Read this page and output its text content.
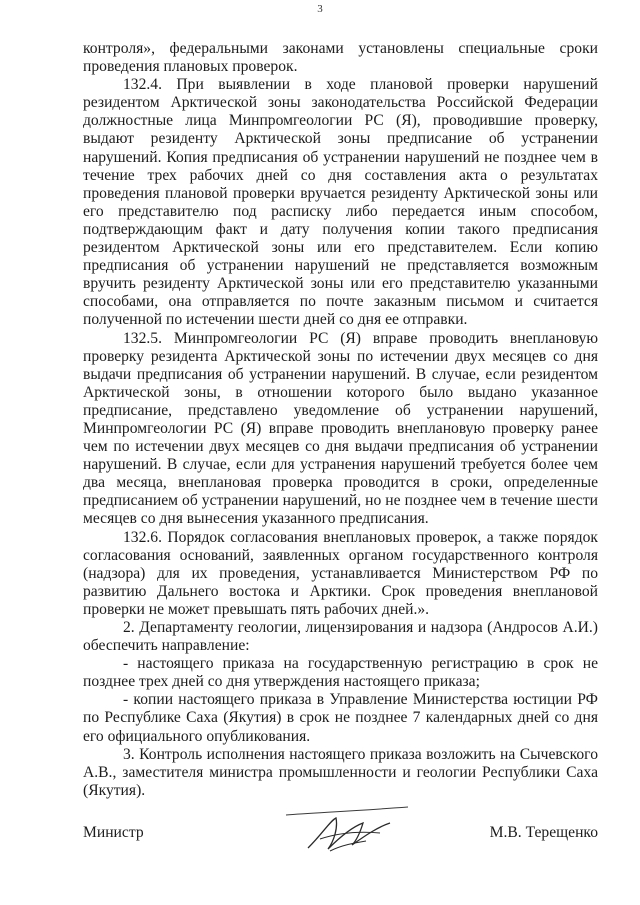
3

контроля», федеральными законами установлены специальные сроки проведения плановых проверок.

132.4. При выявлении в ходе плановой проверки нарушений резидентом Арктической зоны законодательства Российской Федерации должностные лица Минпромгеологии РС (Я), проводившие проверку, выдают резиденту Арктической зоны предписание об устранении нарушений. Копия предписания об устранении нарушений не позднее чем в течение трех рабочих дней со дня составления акта о результатах проведения плановой проверки вручается резиденту Арктической зоны или его представителю под расписку либо передается иным способом, подтверждающим факт и дату получения копии такого предписания резидентом Арктической зоны или его представителем. Если копию предписания об устранении нарушений не представляется возможным вручить резиденту Арктической зоны или его представителю указанными способами, она отправляется по почте заказным письмом и считается полученной по истечении шести дней со дня ее отправки.

132.5. Минпромгеологии РС (Я) вправе проводить внеплановую проверку резидента Арктической зоны по истечении двух месяцев со дня выдачи предписания об устранении нарушений. В случае, если резидентом Арктической зоны, в отношении которого было выдано указанное предписание, представлено уведомление об устранении нарушений, Минпромгеологии РС (Я) вправе проводить внеплановую проверку ранее чем по истечении двух месяцев со дня выдачи предписания об устранении нарушений. В случае, если для устранения нарушений требуется более чем два месяца, внеплановая проверка проводится в сроки, определенные предписанием об устранении нарушений, но не позднее чем в течение шести месяцев со дня вынесения указанного предписания.

132.6. Порядок согласования внеплановых проверок, а также порядок согласования оснований, заявленных органом государственного контроля (надзора) для их проведения, устанавливается Министерством РФ по развитию Дальнего востока и Арктики. Срок проведения внеплановой проверки не может превышать пять рабочих дней.».

2. Департаменту геологии, лицензирования и надзора (Андросов А.И.) обеспечить направление:

- настоящего приказа на государственную регистрацию в срок не позднее трех дней со дня утверждения настоящего приказа;

- копии настоящего приказа в Управление Министерства юстиции РФ по Республике Саха (Якутия) в срок не позднее 7 календарных дней со дня его официального опубликования.

3. Контроль исполнения настоящего приказа возложить на Сычевского А.В., заместителя министра промышленности и геологии Республики Саха (Якутия).

Министр	М.В. Терещенко
